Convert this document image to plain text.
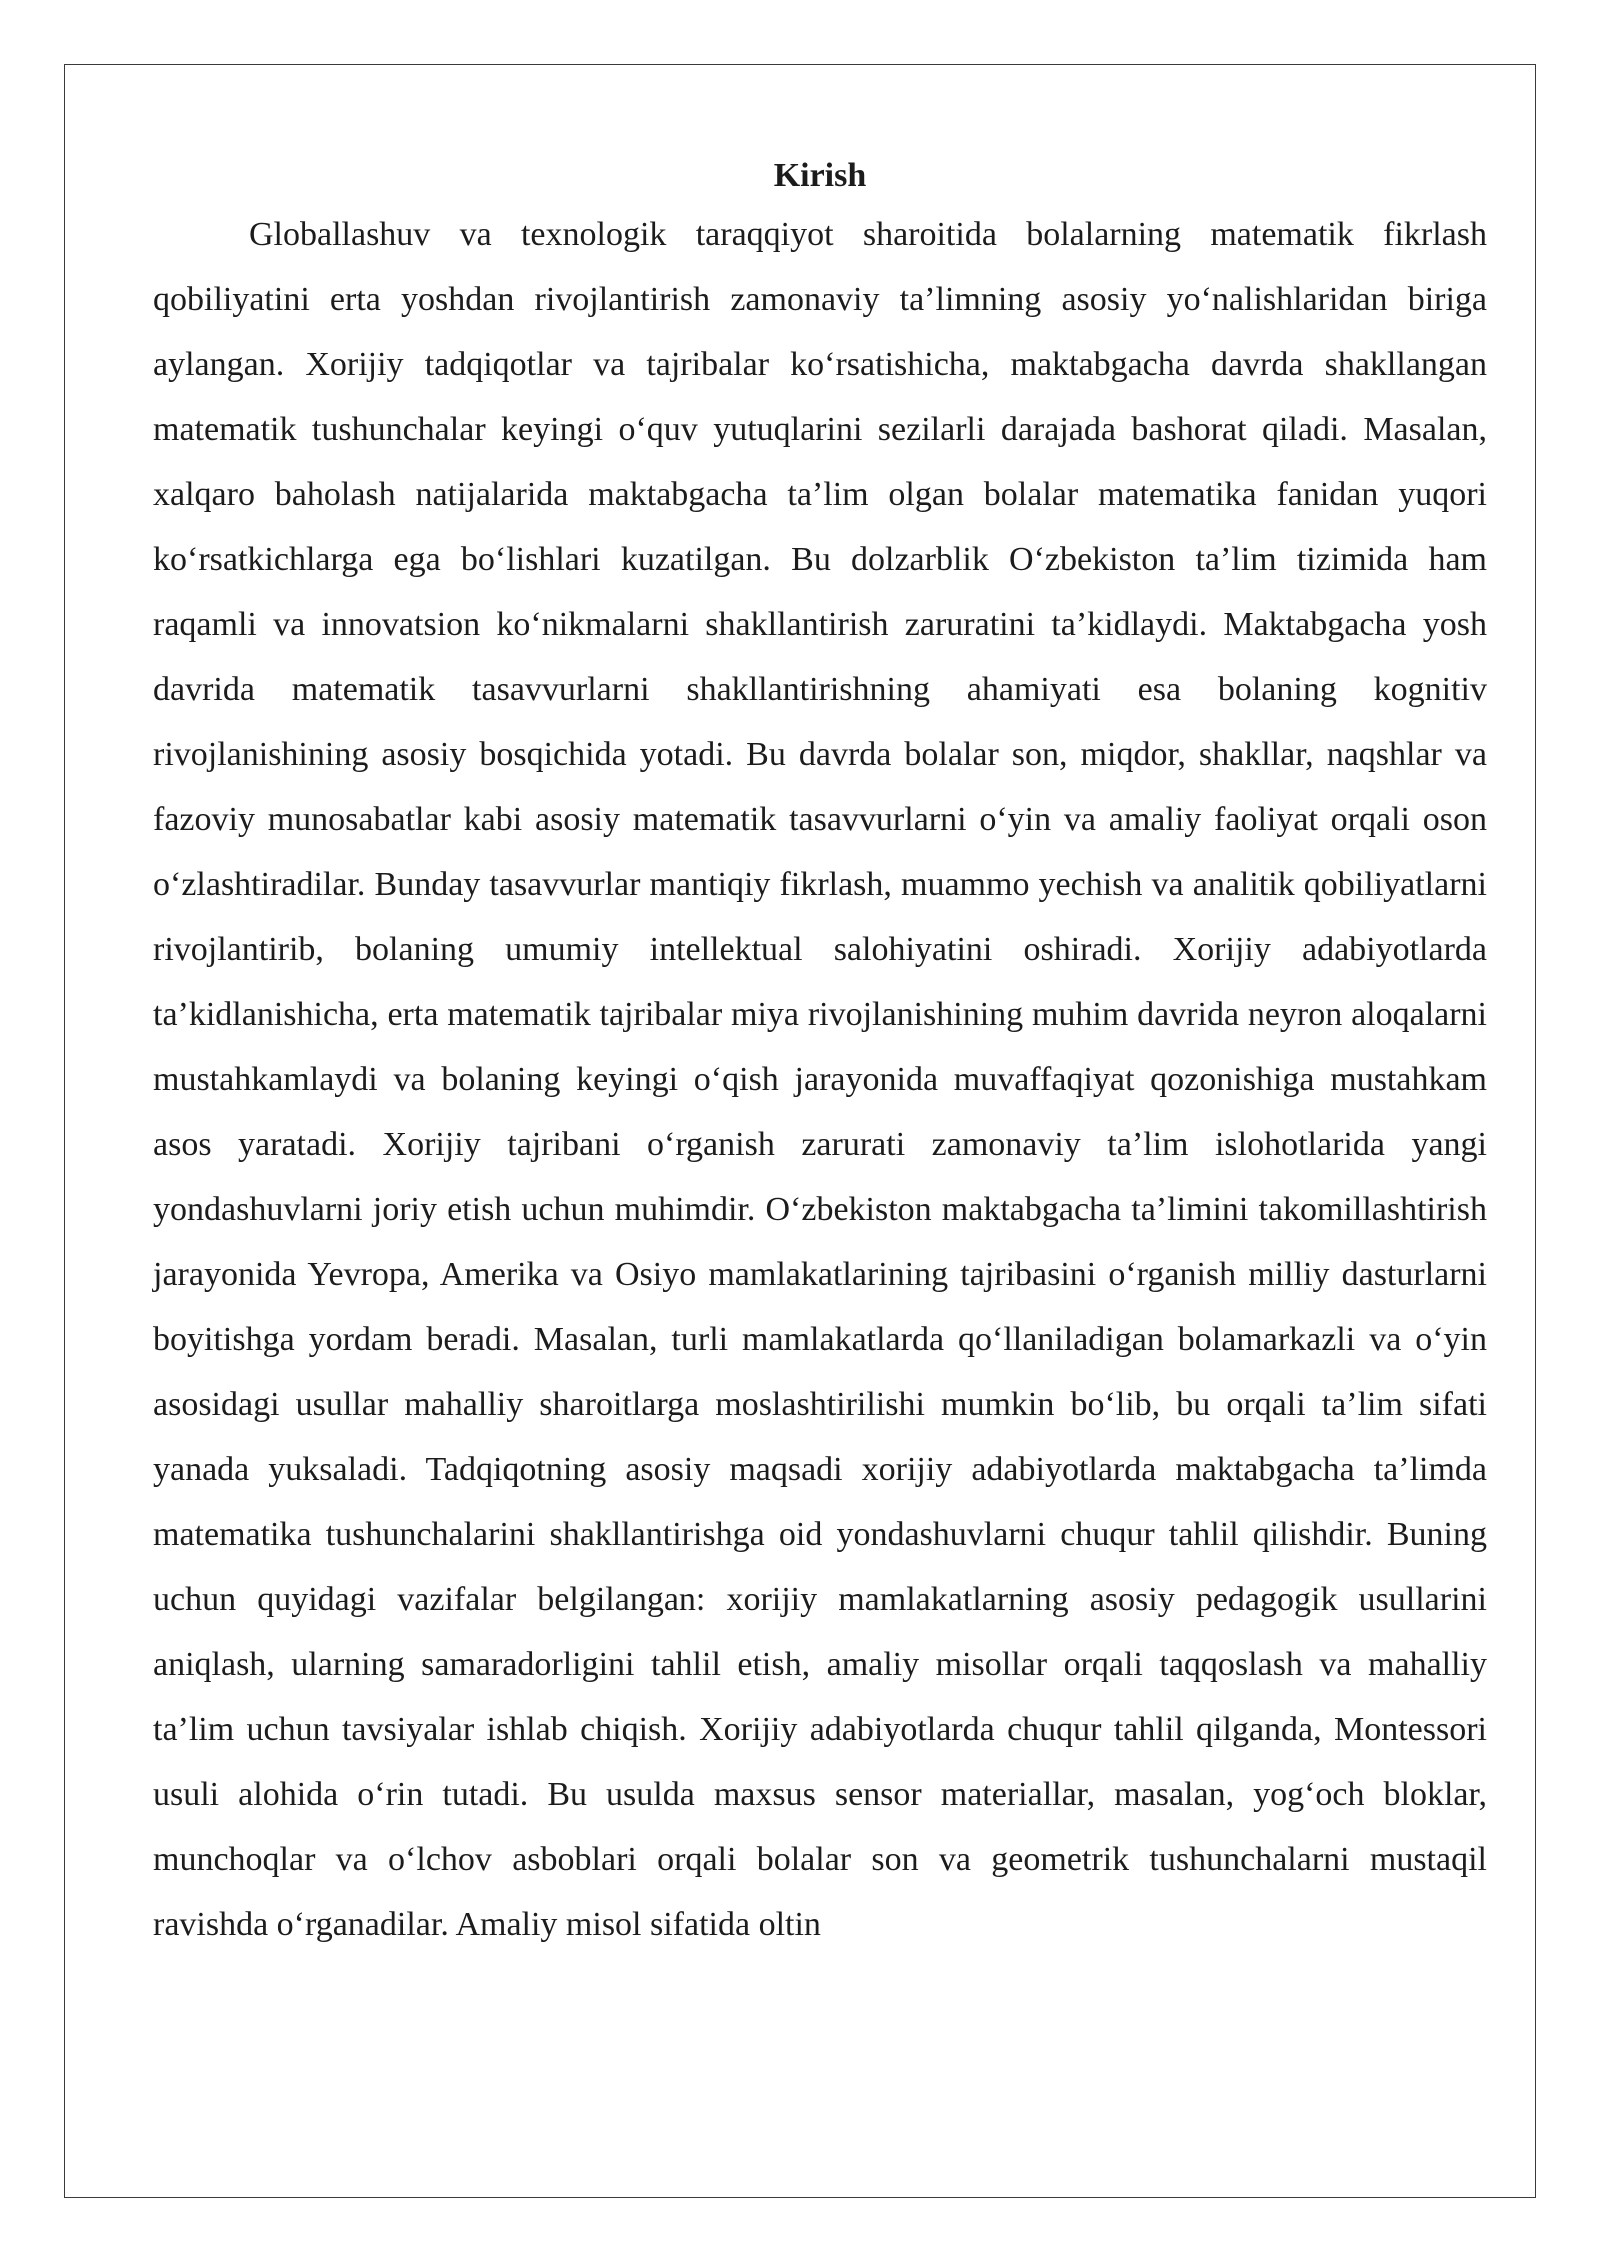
Kirish

Globallashuv va texnologik taraqqiyot sharoitida bolalarning matematik fikrlash qobiliyatini erta yoshdan rivojlantirish zamonaviy ta’limning asosiy yo‘nalishlaridan biriga aylangan. Xorijiy tadqiqotlar va tajribalar ko‘rsatishicha, maktabgacha davrda shakllangan matematik tushunchalar keyingi o‘quv yutuqlarini sezilarli darajada bashorat qiladi. Masalan, xalqaro baholash natijalarida maktabgacha ta’lim olgan bolalar matematika fanidan yuqori ko‘rsatkichlarga ega bo‘lishlari kuzatilgan. Bu dolzarblik O‘zbekiston ta’lim tizimida ham raqamli va innovatsion ko‘nikmalarni shakllantirish zaruratini ta’kidlaydi. Maktabgacha yosh davrida matematik tasavvurlarni shakllantirishning ahamiyati esa bolaning kognitiv rivojlanishining asosiy bosqichida yotadi. Bu davrda bolalar son, miqdor, shakllar, naqshlar va fazoviy munosabatlar kabi asosiy matematik tasavvurlarni o‘yin va amaliy faoliyat orqali oson o‘zlashtiradilar. Bunday tasavvurlar mantiqiy fikrlash, muammo yechish va analitik qobiliyatlarni rivojlantirib, bolaning umumiy intellektual salohiyatini oshiradi. Xorijiy adabiyotlarda ta’kidlanishicha, erta matematik tajribalar miya rivojlanishining muhim davrida neyron aloqalarni mustahkamlaydi va bolaning keyingi o‘qish jarayonida muvaffaqiyat qozonishiga mustahkam asos yaratadi. Xorijiy tajribani o‘rganish zarurati zamonaviy ta’lim islohotlarida yangi yondashuvlarni joriy etish uchun muhimdir. O‘zbekiston maktabgacha ta’limini takomillashtirish jarayonida Yevropa, Amerika va Osiyo mamlakatlarining tajribasini o‘rganish milliy dasturlarni boyitishga yordam beradi. Masalan, turli mamlakatlarda qo‘llaniladigan bolamarkazli va o‘yin asosidagi usullar mahalliy sharoitlarga moslashtirilishi mumkin bo‘lib, bu orqali ta’lim sifati yanada yuksaladi. Tadqiqotning asosiy maqsadi xorijiy adabiyotlarda maktabgacha ta’limda matematika tushunchalarini shakllantirishga oid yondashuvlarni chuqur tahlil qilishdir. Buning uchun quyidagi vazifalar belgilangan: xorijiy mamlakatlarning asosiy pedagogik usullarini aniqlash, ularning samaradorligini tahlil etish, amaliy misollar orqali taqqoslash va mahalliy ta’lim uchun tavsiyalar ishlab chiqish. Xorijiy adabiyotlarda chuqur tahlil qilganda, Montessori usuli alohida o‘rin tutadi. Bu usulda maxsus sensor materiallar, masalan, yog‘och bloklar, munchoqlar va o‘lchov asboblari orqali bolalar son va geometrik tushunchalarni mustaqil ravishda o‘rganadilar. Amaliy misol sifatida oltin
